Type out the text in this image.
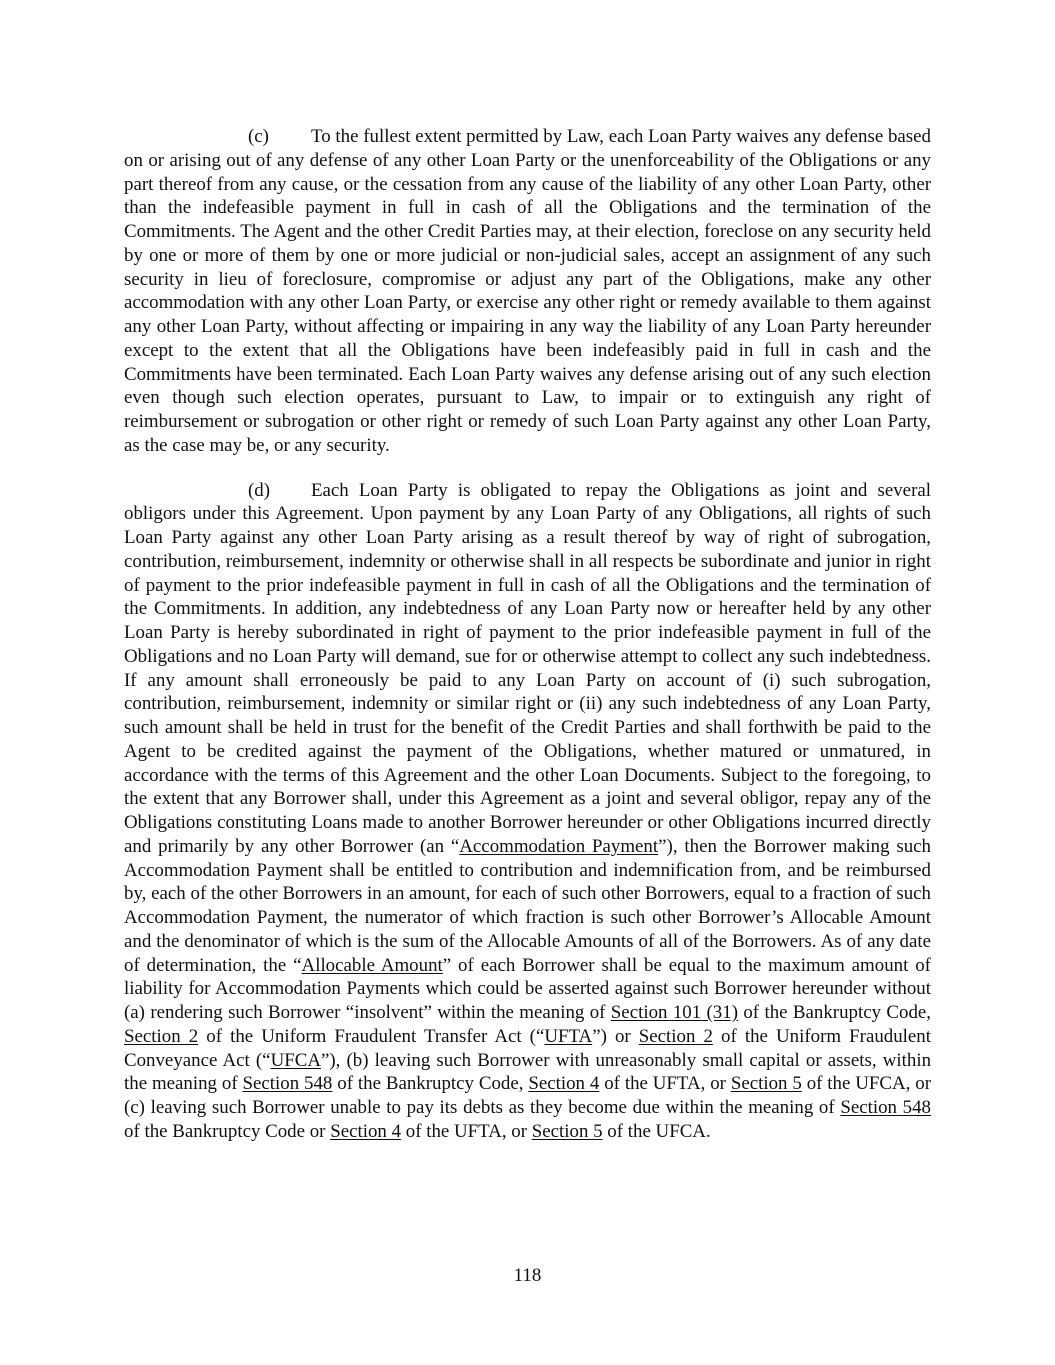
(c) To the fullest extent permitted by Law, each Loan Party waives any defense based on or arising out of any defense of any other Loan Party or the unenforceability of the Obligations or any part thereof from any cause, or the cessation from any cause of the liability of any other Loan Party, other than the indefeasible payment in full in cash of all the Obligations and the termination of the Commitments. The Agent and the other Credit Parties may, at their election, foreclose on any security held by one or more of them by one or more judicial or non-judicial sales, accept an assignment of any such security in lieu of foreclosure, compromise or adjust any part of the Obligations, make any other accommodation with any other Loan Party, or exercise any other right or remedy available to them against any other Loan Party, without affecting or impairing in any way the liability of any Loan Party hereunder except to the extent that all the Obligations have been indefeasibly paid in full in cash and the Commitments have been terminated. Each Loan Party waives any defense arising out of any such election even though such election operates, pursuant to Law, to impair or to extinguish any right of reimbursement or subrogation or other right or remedy of such Loan Party against any other Loan Party, as the case may be, or any security.

(d) Each Loan Party is obligated to repay the Obligations as joint and several obligors under this Agreement. Upon payment by any Loan Party of any Obligations, all rights of such Loan Party against any other Loan Party arising as a result thereof by way of right of subrogation, contribution, reimbursement, indemnity or otherwise shall in all respects be subordinate and junior in right of payment to the prior indefeasible payment in full in cash of all the Obligations and the termination of the Commitments. In addition, any indebtedness of any Loan Party now or hereafter held by any other Loan Party is hereby subordinated in right of payment to the prior indefeasible payment in full of the Obligations and no Loan Party will demand, sue for or otherwise attempt to collect any such indebtedness. If any amount shall erroneously be paid to any Loan Party on account of (i) such subrogation, contribution, reimbursement, indemnity or similar right or (ii) any such indebtedness of any Loan Party, such amount shall be held in trust for the benefit of the Credit Parties and shall forthwith be paid to the Agent to be credited against the payment of the Obligations, whether matured or unmatured, in accordance with the terms of this Agreement and the other Loan Documents. Subject to the foregoing, to the extent that any Borrower shall, under this Agreement as a joint and several obligor, repay any of the Obligations constituting Loans made to another Borrower hereunder or other Obligations incurred directly and primarily by any other Borrower (an “Accommodation Payment”), then the Borrower making such Accommodation Payment shall be entitled to contribution and indemnification from, and be reimbursed by, each of the other Borrowers in an amount, for each of such other Borrowers, equal to a fraction of such Accommodation Payment, the numerator of which fraction is such other Borrower’s Allocable Amount and the denominator of which is the sum of the Allocable Amounts of all of the Borrowers. As of any date of determination, the “Allocable Amount” of each Borrower shall be equal to the maximum amount of liability for Accommodation Payments which could be asserted against such Borrower hereunder without (a) rendering such Borrower “insolvent” within the meaning of Section 101 (31) of the Bankruptcy Code, Section 2 of the Uniform Fraudulent Transfer Act (“UFTA”) or Section 2 of the Uniform Fraudulent Conveyance Act (“UFCA”), (b) leaving such Borrower with unreasonably small capital or assets, within the meaning of Section 548 of the Bankruptcy Code, Section 4 of the UFTA, or Section 5 of the UFCA, or (c) leaving such Borrower unable to pay its debts as they become due within the meaning of Section 548 of the Bankruptcy Code or Section 4 of the UFTA, or Section 5 of the UFCA.

118
